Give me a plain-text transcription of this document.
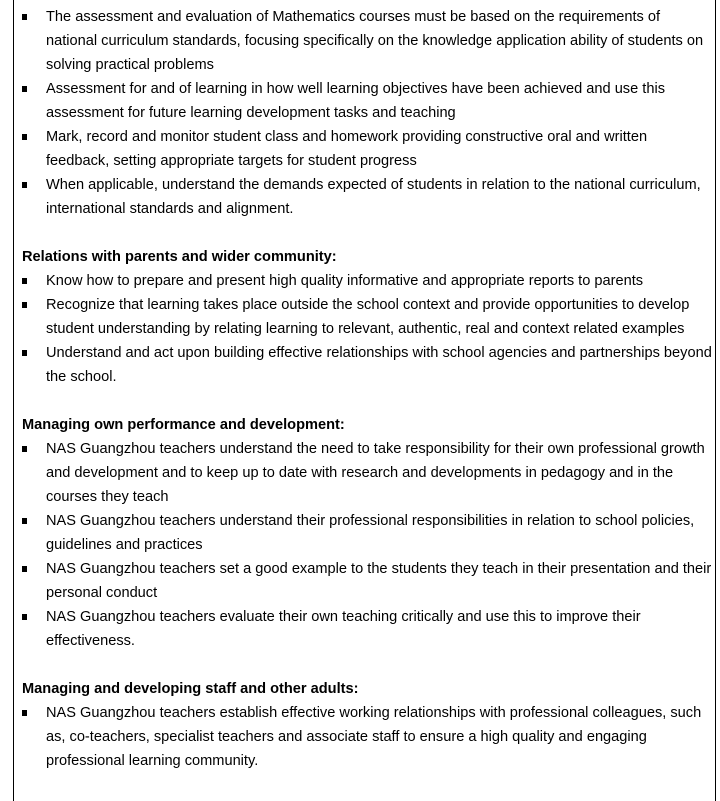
The assessment and evaluation of Mathematics courses must be based on the requirements of national curriculum standards, focusing specifically on the knowledge application ability of students on solving practical problems
Assessment for and of learning in how well learning objectives have been achieved and use this assessment for future learning development tasks and teaching
Mark, record and monitor student class and homework providing constructive oral and written feedback, setting appropriate targets for student progress
When applicable, understand the demands expected of students in relation to the national curriculum, international standards and alignment.

Relations with parents and wider community:

Know how to prepare and present high quality informative and appropriate reports to parents
Recognize that learning takes place outside the school context and provide opportunities to develop student understanding by relating learning to relevant, authentic, real and context related examples
Understand and act upon building effective relationships with school agencies and partnerships beyond the school.

Managing own performance and development:

NAS Guangzhou teachers understand the need to take responsibility for their own professional growth and development and to keep up to date with research and developments in pedagogy and in the courses they teach
NAS Guangzhou teachers understand their professional responsibilities in relation to school policies, guidelines and practices
NAS Guangzhou teachers set a good example to the students they teach in their presentation and their personal conduct
NAS Guangzhou teachers evaluate their own teaching critically and use this to improve their effectiveness.

Managing and developing staff and other adults:

NAS Guangzhou teachers establish effective working relationships with professional colleagues, such as, co-teachers, specialist teachers and associate staff to ensure a high quality and engaging professional learning community.
